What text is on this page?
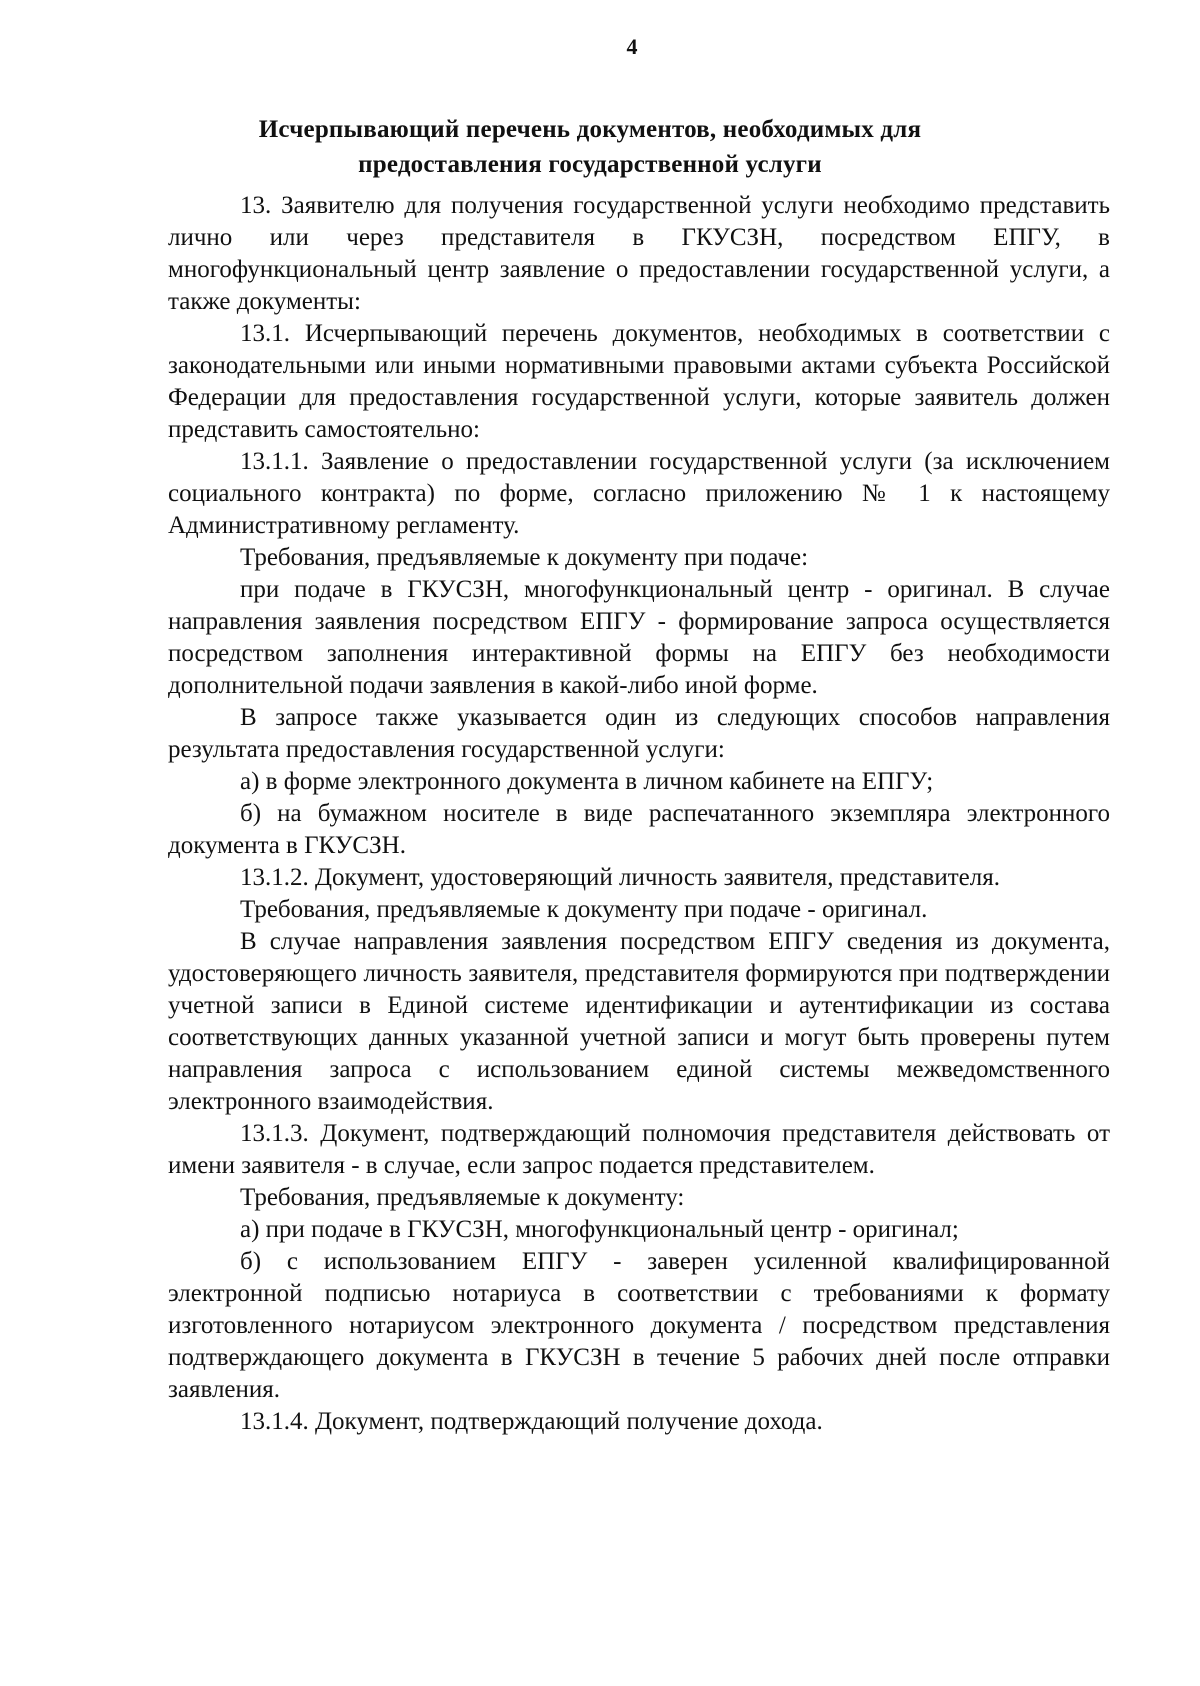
4
Исчерпывающий перечень документов, необходимых для предоставления государственной услуги

13. Заявителю для получения государственной услуги необходимо представить лично или через представителя в ГКУСЗН, посредством ЕПГУ, в многофункциональный центр заявление о предоставлении государственной услуги, а также документы:

13.1. Исчерпывающий перечень документов, необходимых в соответствии с законодательными или иными нормативными правовыми актами субъекта Российской Федерации для предоставления государственной услуги, которые заявитель должен представить самостоятельно:

13.1.1. Заявление о предоставлении государственной услуги (за исключением социального контракта) по форме, согласно приложению № 1 к настоящему Административному регламенту.

Требования, предъявляемые к документу при подаче:

при подаче в ГКУСЗН, многофункциональный центр - оригинал. В случае направления заявления посредством ЕПГУ - формирование запроса осуществляется посредством заполнения интерактивной формы на ЕПГУ без необходимости дополнительной подачи заявления в какой-либо иной форме.

В запросе также указывается один из следующих способов направления результата предоставления государственной услуги:

а) в форме электронного документа в личном кабинете на ЕПГУ;

б) на бумажном носителе в виде распечатанного экземпляра электронного документа в ГКУСЗН.

13.1.2. Документ, удостоверяющий личность заявителя, представителя.

Требования, предъявляемые к документу при подаче - оригинал.

В случае направления заявления посредством ЕПГУ сведения из документа, удостоверяющего личность заявителя, представителя формируются при подтверждении учетной записи в Единой системе идентификации и аутентификации из состава соответствующих данных указанной учетной записи и могут быть проверены путем направления запроса с использованием единой системы межведомственного электронного взаимодействия.

13.1.3. Документ, подтверждающий полномочия представителя действовать от имени заявителя - в случае, если запрос подается представителем.

Требования, предъявляемые к документу:

а) при подаче в ГКУСЗН, многофункциональный центр - оригинал;

б) с использованием ЕПГУ - заверен усиленной квалифицированной электронной подписью нотариуса в соответствии с требованиями к формату изготовленного нотариусом электронного документа / посредством представления подтверждающего документа в ГКУСЗН в течение 5 рабочих дней после отправки заявления.

13.1.4. Документ, подтверждающий получение дохода.
